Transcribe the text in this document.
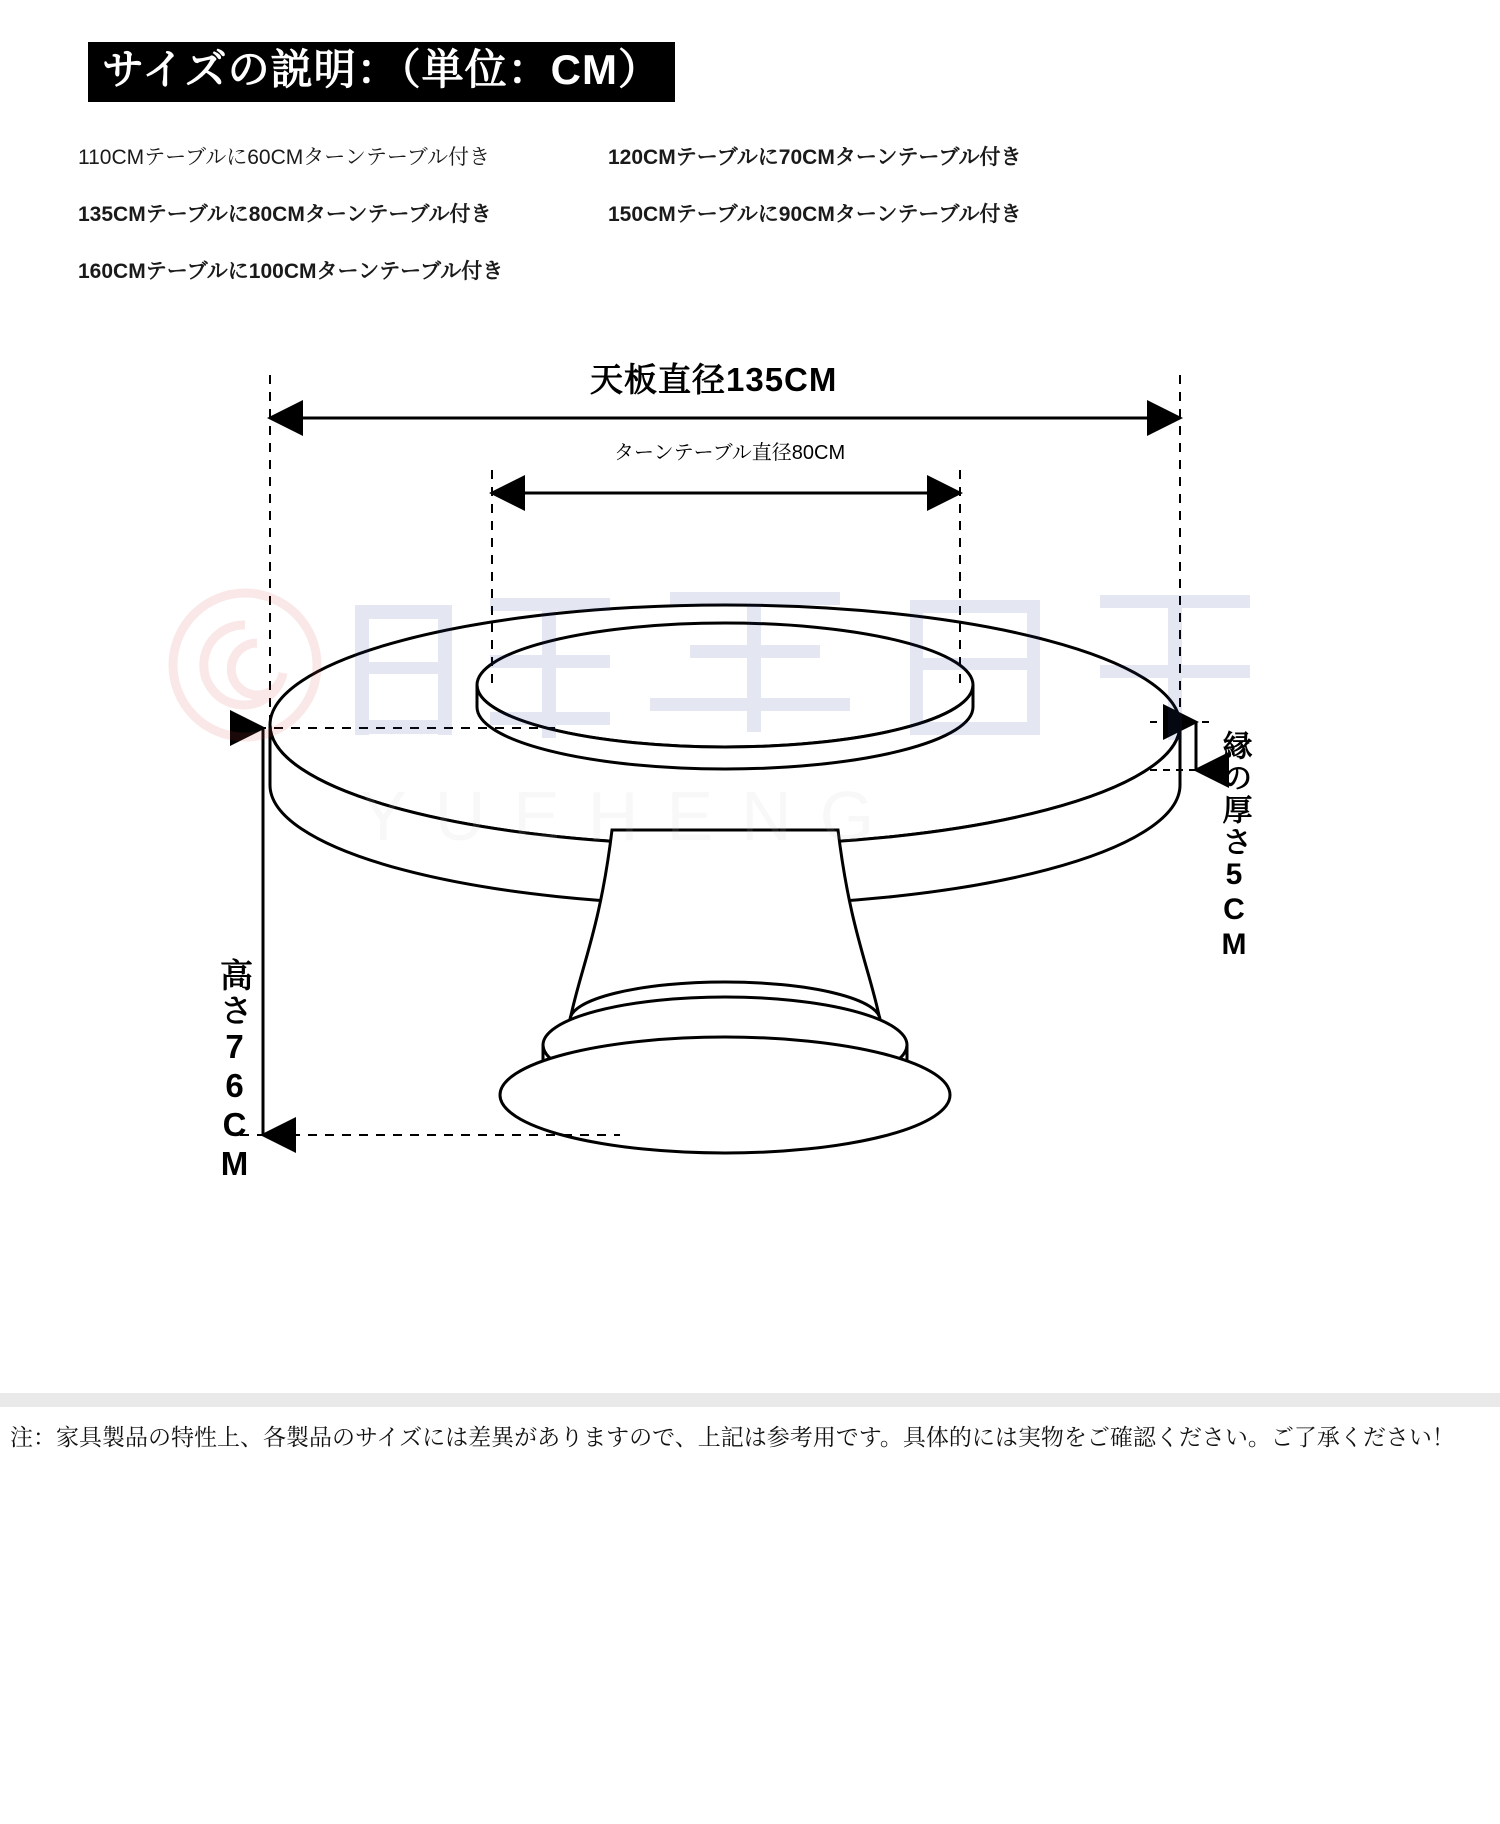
サイズの説明：（単位：CM）
110CMテーブルに60CMターンテーブル付き	120CMテーブルに70CMターンテーブル付き
135CMテーブルに80CMターンテーブル付き	150CMテーブルに90CMターンテーブル付き
160CMテーブルに100CMターンテーブル付き
天板直径135CM
ターンテーブル直径80CM
高さ76CM
縁の厚さ5CM
注：家具製品の特性上、各製品のサイズには差異がありますので、上記は参考用です。具体的には実物をご確認ください。ご了承ください！
